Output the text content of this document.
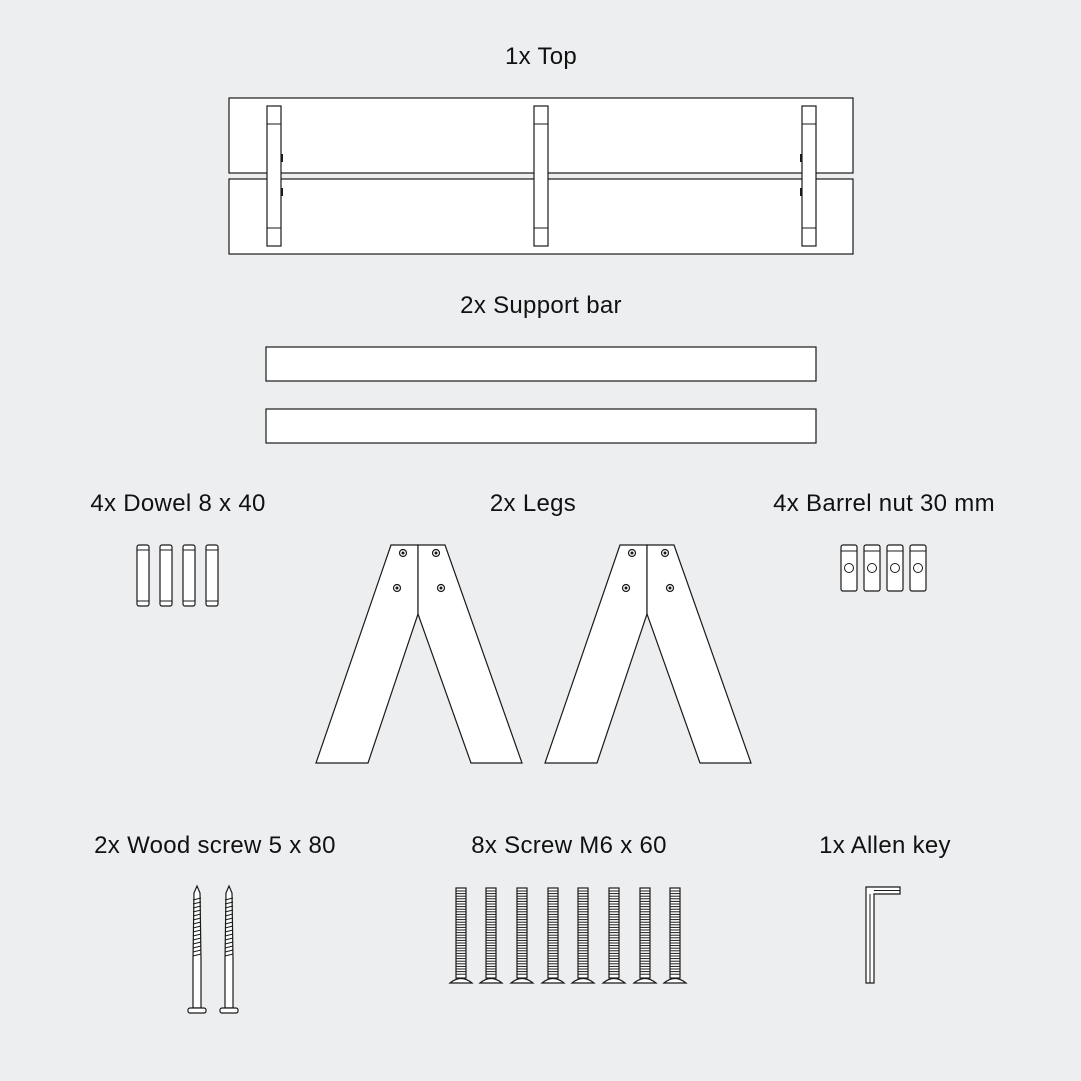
1x Top
2x Support bar
4x Dowel 8 x 40	2x Legs	4x Barrel nut 30 mm
2x Wood screw 5 x 80	8x Screw M6 x 60	1x Allen key
